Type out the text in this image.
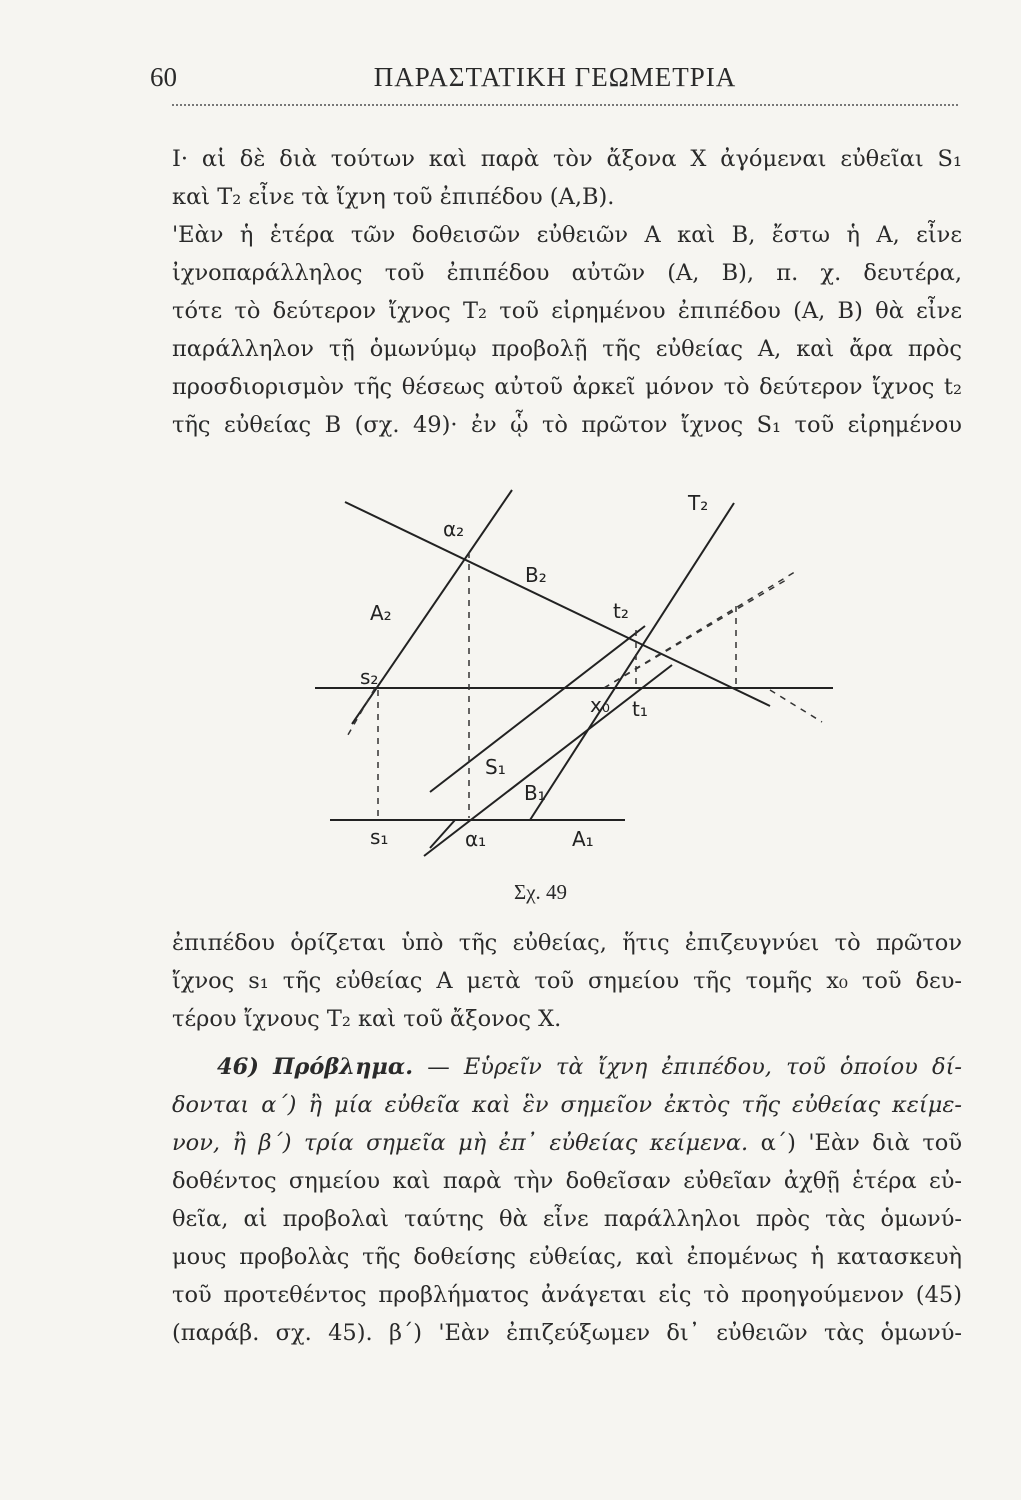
60	ΠΑΡΑΣΤΑΤΙΚΗ ΓΕΩΜΕΤΡΙΑ

Ι· αἱ δὲ διὰ τούτων καὶ παρὰ τὸν ἄξονα Χ ἀγόμεναι εὐθεῖαι S₁
καὶ T₂ εἶνε τὰ ἴχνη τοῦ ἐπιπέδου (Α,Β).
'Εὰν ἡ ἑτέρα τῶν δοθεισῶν εὐθειῶν Α καὶ Β, ἔστω ἡ Α, εἶνε
ἰχνοπαράλληλος τοῦ ἐπιπέδου αὐτῶν (Α, Β), π. χ. δευτέρα,
τότε τὸ δεύτερον ἴχνος T₂ τοῦ εἰρημένου ἐπιπέδου (Α, Β) θὰ εἶνε
παράλληλον τῇ ὁμωνύμῳ προβολῇ τῆς εὐθείας Α, καὶ ἄρα πρὸς
προσδιορισμὸν τῆς θέσεως αὐτοῦ ἀρκεῖ μόνον τὸ δεύτερον ἴχνος t₂
τῆς εὐθείας Β (σχ. 49)· ἐν ᾧ τὸ πρῶτον ἴχνος S₁ τοῦ εἰρημένου

T₂
α₂
B₂
A₂	t₂
s₂
x₀ t₁
S₁
B₁
s₁	α₁	A₁
Σχ. 49

ἐπιπέδου ὁρίζεται ὑπὸ τῆς εὐθείας, ἥτις ἐπιζευγνύει τὸ πρῶτον
ἴχνος s₁ τῆς εὐθείας Α μετὰ τοῦ σημείου τῆς τομῆς x₀ τοῦ δευ-
τέρου ἴχνους T₂ καὶ τοῦ ἄξονος Χ.

  46) Πρόβλημα. — Εὑρεῖν τὰ ἴχνη ἐπιπέδου, τοῦ ὁποίου δί-
δονται α΄) ἢ μία εὐθεῖα καὶ ἓν σημεῖον ἐκτὸς τῆς εὐθείας κείμε-
νον, ἢ β΄) τρία σημεῖα μὴ ἐπ᾿ εὐθείας κείμενα. α΄) 'Εὰν διὰ τοῦ
δοθέντος σημείου καὶ παρὰ τὴν δοθεῖσαν εὐθεῖαν ἀχθῇ ἑτέρα εὐ-
θεῖα, αἱ προβολαὶ ταύτης θὰ εἶνε παράλληλοι πρὸς τὰς ὁμωνύ-
μους προβολὰς τῆς δοθείσης εὐθείας, καὶ ἐπομένως ἡ κατασκευὴ
τοῦ προτεθέντος προβλήματος ἀνάγεται εἰς τὸ προηγούμενον (45)
(παράβ. σχ. 45). β΄) 'Εὰν ἐπιζεύξωμεν δι᾿ εὐθειῶν τὰς ὁμωνύ-
